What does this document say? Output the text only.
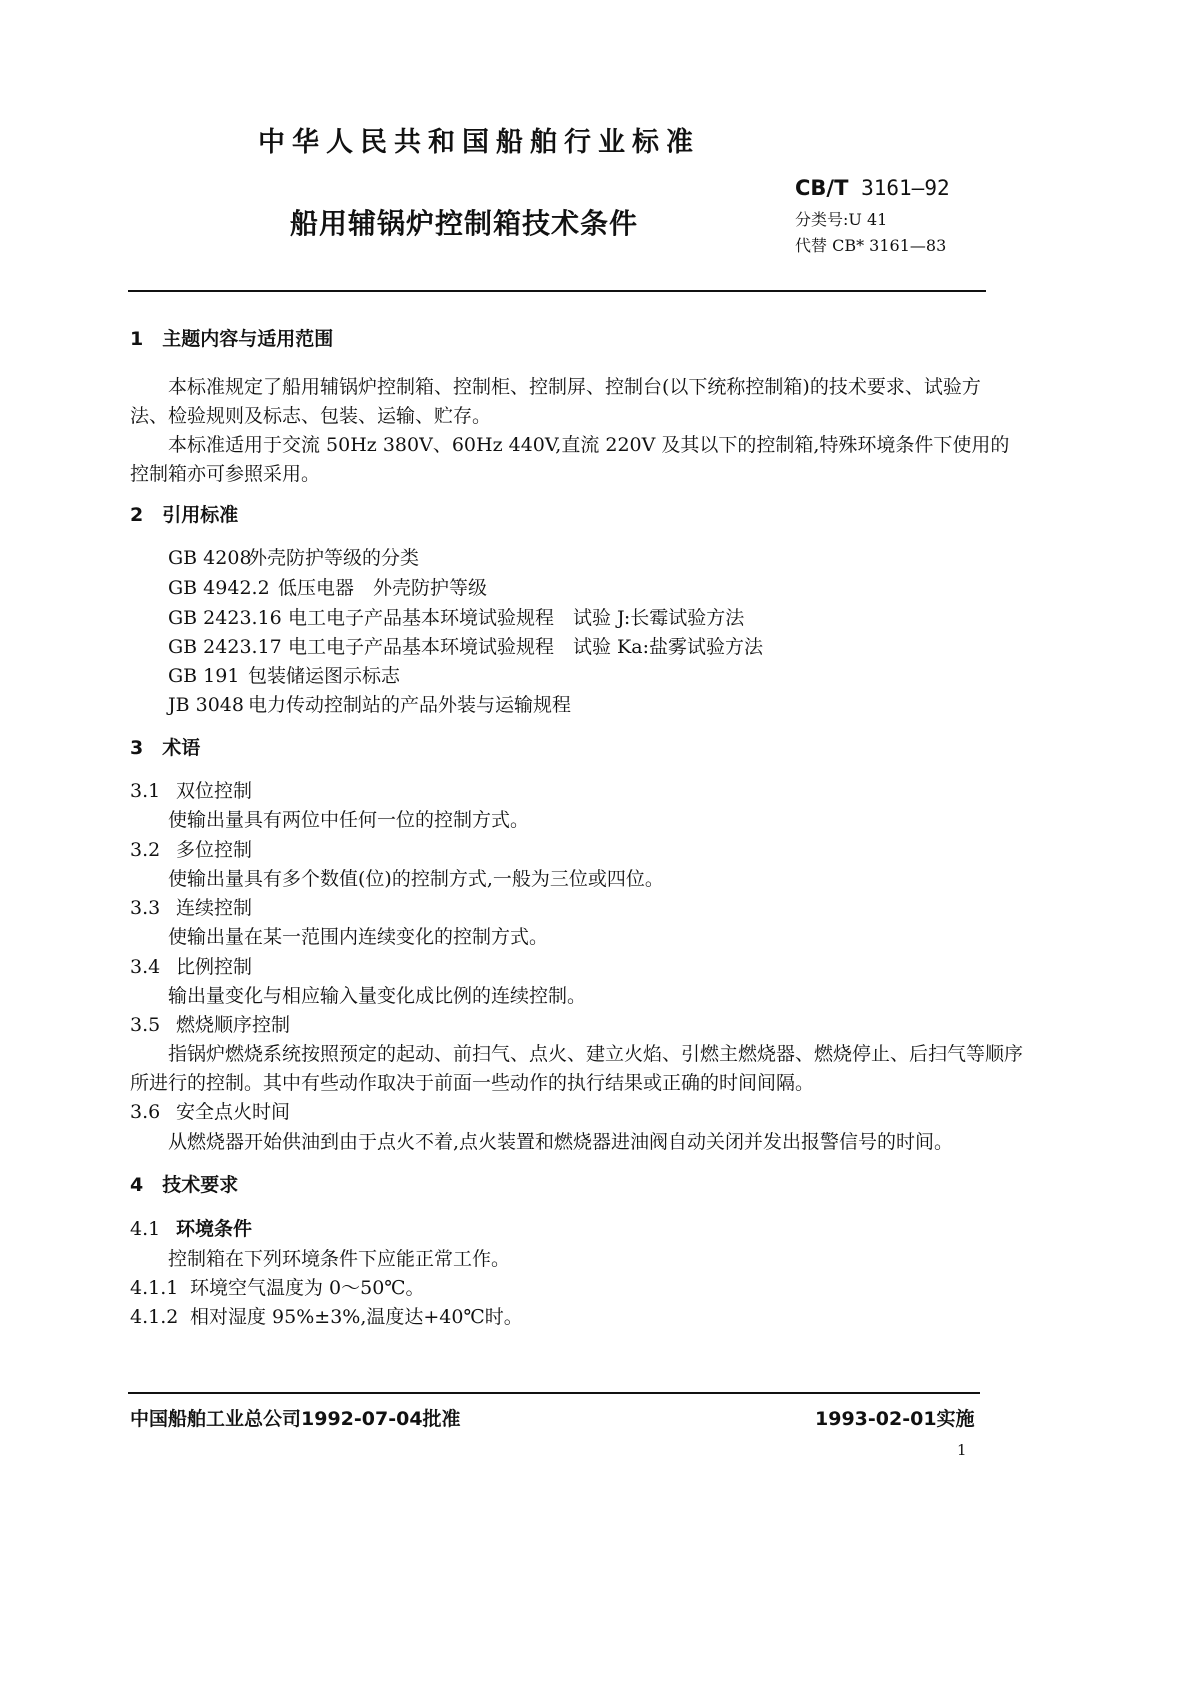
中华人民共和国船舶行业标准
船用辅锅炉控制箱技术条件
CB/T 3161—92
分类号:U 41
代替 CB* 3161—83
1　主题内容与适用范围
本标准规定了船用辅锅炉控制箱、控制柜、控制屏、控制台(以下统称控制箱)的技术要求、试验方
法、检验规则及标志、包装、运输、贮存。
本标准适用于交流 50Hz 380V、60Hz 440V,直流 220V 及其以下的控制箱,特殊环境条件下使用的
控制箱亦可参照采用。
2　引用标准
GB 4208外壳防护等级的分类
GB 4942.2 低压电器　外壳防护等级
GB 2423.16 电工电子产品基本环境试验规程　试验 J:长霉试验方法
GB 2423.17 电工电子产品基本环境试验规程　试验 Ka:盐雾试验方法
GB 191 包装储运图示标志
JB 3048 电力传动控制站的产品外装与运输规程
3　术语
3.1 双位控制
使输出量具有两位中任何一位的控制方式。
3.2 多位控制
使输出量具有多个数值(位)的控制方式,一般为三位或四位。
3.3 连续控制
使输出量在某一范围内连续变化的控制方式。
3.4 比例控制
输出量变化与相应输入量变化成比例的连续控制。
3.5 燃烧顺序控制
指锅炉燃烧系统按照预定的起动、前扫气、点火、建立火焰、引燃主燃烧器、燃烧停止、后扫气等顺序
所进行的控制。其中有些动作取决于前面一些动作的执行结果或正确的时间间隔。
3.6 安全点火时间
从燃烧器开始供油到由于点火不着,点火装置和燃烧器进油阀自动关闭并发出报警信号的时间。
4　技术要求
4.1 环境条件
控制箱在下列环境条件下应能正常工作。
4.1.1 环境空气温度为 0～50℃。
4.1.2 相对湿度 95%±3%,温度达+40℃时。
中国船舶工业总公司1992-07-04批准	1993-02-01实施
1
